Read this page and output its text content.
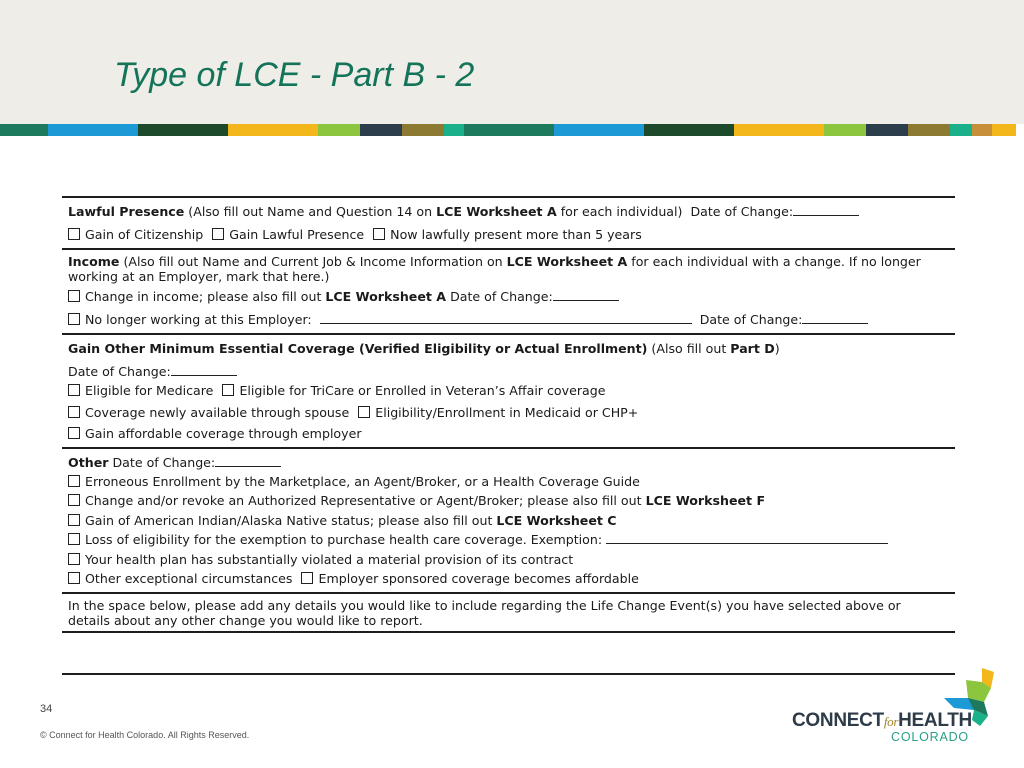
Type of LCE - Part B - 2
Lawful Presence (Also fill out Name and Question 14 on LCE Worksheet A for each individual) Date of Change:
Gain of Citizenship Gain Lawful Presence Now lawfully present more than 5 years
Income (Also fill out Name and Current Job & Income Information on LCE Worksheet A for each individual with a change. If no longer working at an Employer, mark that here.)
Change in income; please also fill out LCE Worksheet A Date of Change:
No longer working at this Employer:	Date of Change:
Gain Other Minimum Essential Coverage (Verified Eligibility or Actual Enrollment) (Also fill out Part D)
Date of Change:
Eligible for Medicare Eligible for TriCare or Enrolled in Veteran’s Affair coverage
Coverage newly available through spouse Eligibility/Enrollment in Medicaid or CHP+
Gain affordable coverage through employer
Other Date of Change:
Erroneous Enrollment by the Marketplace, an Agent/Broker, or a Health Coverage Guide
Change and/or revoke an Authorized Representative or Agent/Broker; please also fill out LCE Worksheet F
Gain of American Indian/Alaska Native status; please also fill out LCE Worksheet C
Loss of eligibility for the exemption to purchase health care coverage. Exemption:
Your health plan has substantially violated a material provision of its contract
Other exceptional circumstances Employer sponsored coverage becomes affordable
In the space below, please add any details you would like to include regarding the Life Change Event(s) you have selected above or details about any other change you would like to report.
34
© Connect for Health Colorado. All Rights Reserved.
CONNECTforHEALTH
COLORADO
